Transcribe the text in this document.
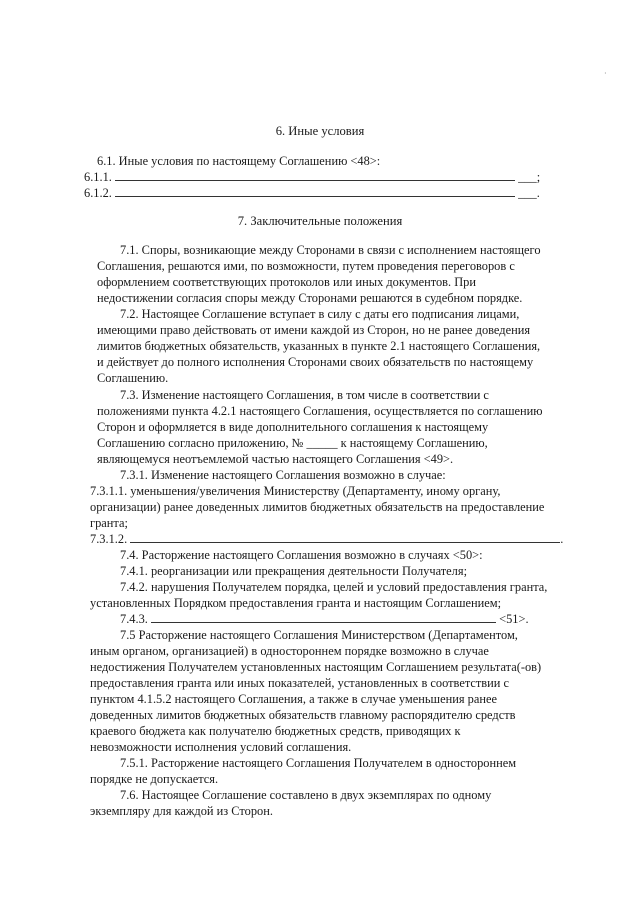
·
6. Иные условия
6.1. Иные условия по настоящему Соглашению <48>:
6.1.1.	___;
6.1.2.	___.
7. Заключительные положения
7.1. Споры, возникающие между Сторонами в связи с исполнением настоящего
Соглашения, решаются ими, по возможности, путем проведения переговоров с
оформлением соответствующих протоколов или иных документов. При
недостижении согласия споры между Сторонами решаются в судебном порядке.
7.2. Настоящее Соглашение вступает в силу с даты его подписания лицами,
имеющими право действовать от имени каждой из Сторон, но не ранее доведения
лимитов бюджетных обязательств, указанных в пункте 2.1 настоящего Соглашения,
и действует до полного исполнения Сторонами своих обязательств по настоящему
Соглашению.
7.3. Изменение настоящего Соглашения, в том числе в соответствии с
положениями пункта 4.2.1 настоящего Соглашения, осуществляется по соглашению
Сторон и оформляется в виде дополнительного соглашения к настоящему
Соглашению согласно приложению, № _____ к настоящему Соглашению,
являющемуся неотъемлемой частью настоящего Соглашения <49>.
7.3.1. Изменение настоящего Соглашения возможно в случае:
7.3.1.1. уменьшения/увеличения Министерству (Департаменту, иному органу,
организации) ранее доведенных лимитов бюджетных обязательств на предоставление
гранта;
7.3.1.2.	.
7.4. Расторжение настоящего Соглашения возможно в случаях <50>:
7.4.1. реорганизации или прекращения деятельности Получателя;
7.4.2. нарушения Получателем порядка, целей и условий предоставления гранта,
установленных Порядком предоставления гранта и настоящим Соглашением;
7.4.3.	<51>.
7.5 Расторжение настоящего Соглашения Министерством (Департаментом,
иным органом, организацией) в одностороннем порядке возможно в случае
недостижения Получателем установленных настоящим Соглашением результата(-ов)
предоставления гранта или иных показателей, установленных в соответствии с
пунктом 4.1.5.2 настоящего Соглашения, а также в случае уменьшения ранее
доведенных лимитов бюджетных обязательств главному распорядителю средств
краевого бюджета как получателю бюджетных средств, приводящих к
невозможности исполнения условий соглашения.
7.5.1. Расторжение настоящего Соглашения Получателем в одностороннем
порядке не допускается.
7.6. Настоящее Соглашение составлено в двух экземплярах по одному
экземпляру для каждой из Сторон.
